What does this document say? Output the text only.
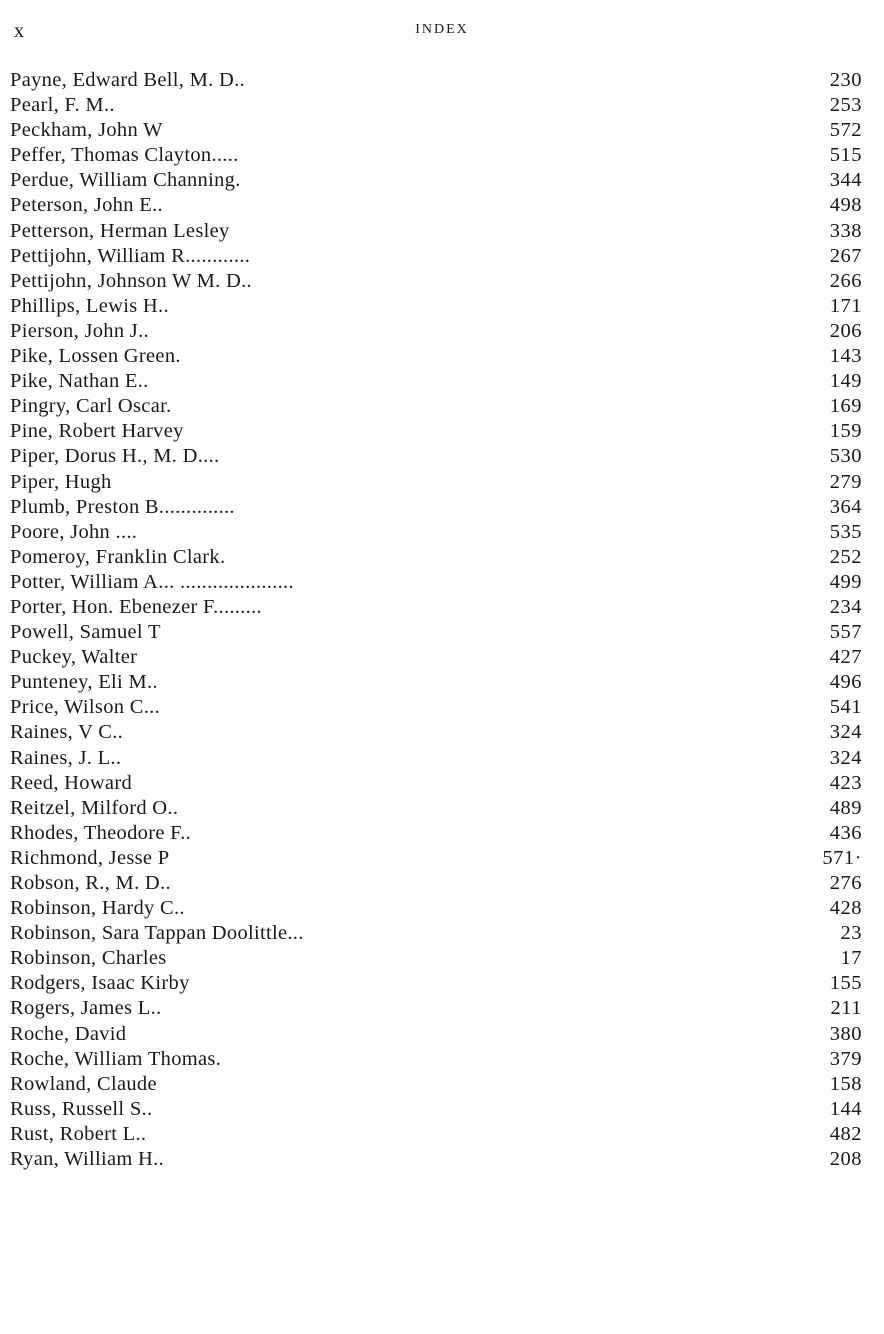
x	INDEX
Payne, Edward Bell, M. D..	230
Pearl, F. M..	253
Peckham, John W	572
Peffer, Thomas Clayton.....	515
Perdue, William Channing.	344
Peterson, John E..	498
Petterson, Herman Lesley	338
Pettijohn, William R............	267
Pettijohn, Johnson W M. D..	266
Phillips, Lewis H..	171
Pierson, John J..	206
Pike, Lossen Green.	143
Pike, Nathan E..	149
Pingry, Carl Oscar.	169
Pine, Robert Harvey	159
Piper, Dorus H., M. D....	530
Piper, Hugh	279
Plumb, Preston B..............	364
Poore, John ....	535
Pomeroy, Franklin Clark.	252
Potter, William A... .....................	499
Porter, Hon. Ebenezer F.........	234
Powell, Samuel T	557
Puckey, Walter	427
Punteney, Eli M..	496
Price, Wilson C...	541
Raines, V C..	324
Raines, J. L..	324
Reed, Howard	423
Reitzel, Milford O..	489
Rhodes, Theodore F..	436
Richmond, Jesse P	571·
Robson, R., M. D..	276
Robinson, Hardy C..	428
Robinson, Sara Tappan Doolittle...	23
Robinson, Charles	17
Rodgers, Isaac Kirby	155
Rogers, James L..	211
Roche, David	380
Roche, William Thomas.	379
Rowland, Claude	158
Russ, Russell S..	144
Rust, Robert L..	482
Ryan, William H..	208
